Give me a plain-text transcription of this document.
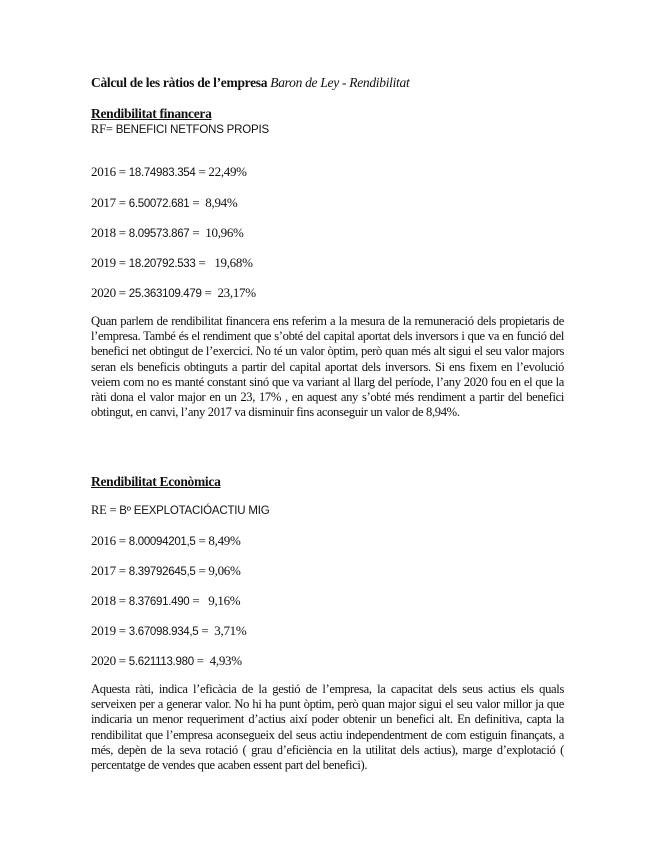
Càlcul de les ràtios de l’empresa Baron de Ley - Rendibilitat
Rendibilitat financera
RF= BENEFICI NETFONS PROPIS
2016 = 18.74983.354 = 22,49%
2017 = 6.50072.681 =  8,94%
2018 = 8.09573.867 =  10,96%
2019 = 18.20792.533 =   19,68%
2020 = 25.363109.479 =  23,17%
Quan parlem de rendibilitat financera ens referim a la mesura de la remuneració dels propietaris de l’empresa. També és el rendiment que s’obté del capital aportat dels inversors i que va en funció del benefici net obtingut de l’exercici. No té un valor òptim, però quan més alt sigui el seu valor majors seran els beneficis obtinguts a partir del capital aportat dels inversors. Si ens fixem en l’evolució veiem com no es manté constant sinó que va variant al llarg del període, l’any 2020 fou en el que la ràti dona el valor major en un 23, 17% , en aquest any s’obté més rendiment a partir del benefici obtingut, en canvi, l’any 2017 va disminuir fins aconseguir un valor de 8,94%.
Rendibilitat Econòmica
RE = Bº EEXPLOTACIÓACTIU MIG
2016 = 8.00094201,5 = 8,49%
2017 = 8.39792645,5 = 9,06%
2018 = 8.37691.490 =   9,16%
2019 = 3.67098.934,5 =  3,71%
2020 = 5.621113.980 =  4,93%
Aquesta ràti, indica l’eficàcia de la gestió de l’empresa, la capacitat dels seus actius els quals serveixen per a generar valor. No hi ha punt òptim, però quan major sigui el seu valor millor ja que indicaria un menor requeriment d’actius així poder obtenir un benefici alt. En definitiva, capta la rendibilitat que l’empresa aconsegueix del seus actiu independentment de com estiguin finançats, a més, depèn de la seva rotació ( grau d’eficiència en la utilitat dels actius), marge d’explotació ( percentatge de vendes que acaben essent part del benefici).
